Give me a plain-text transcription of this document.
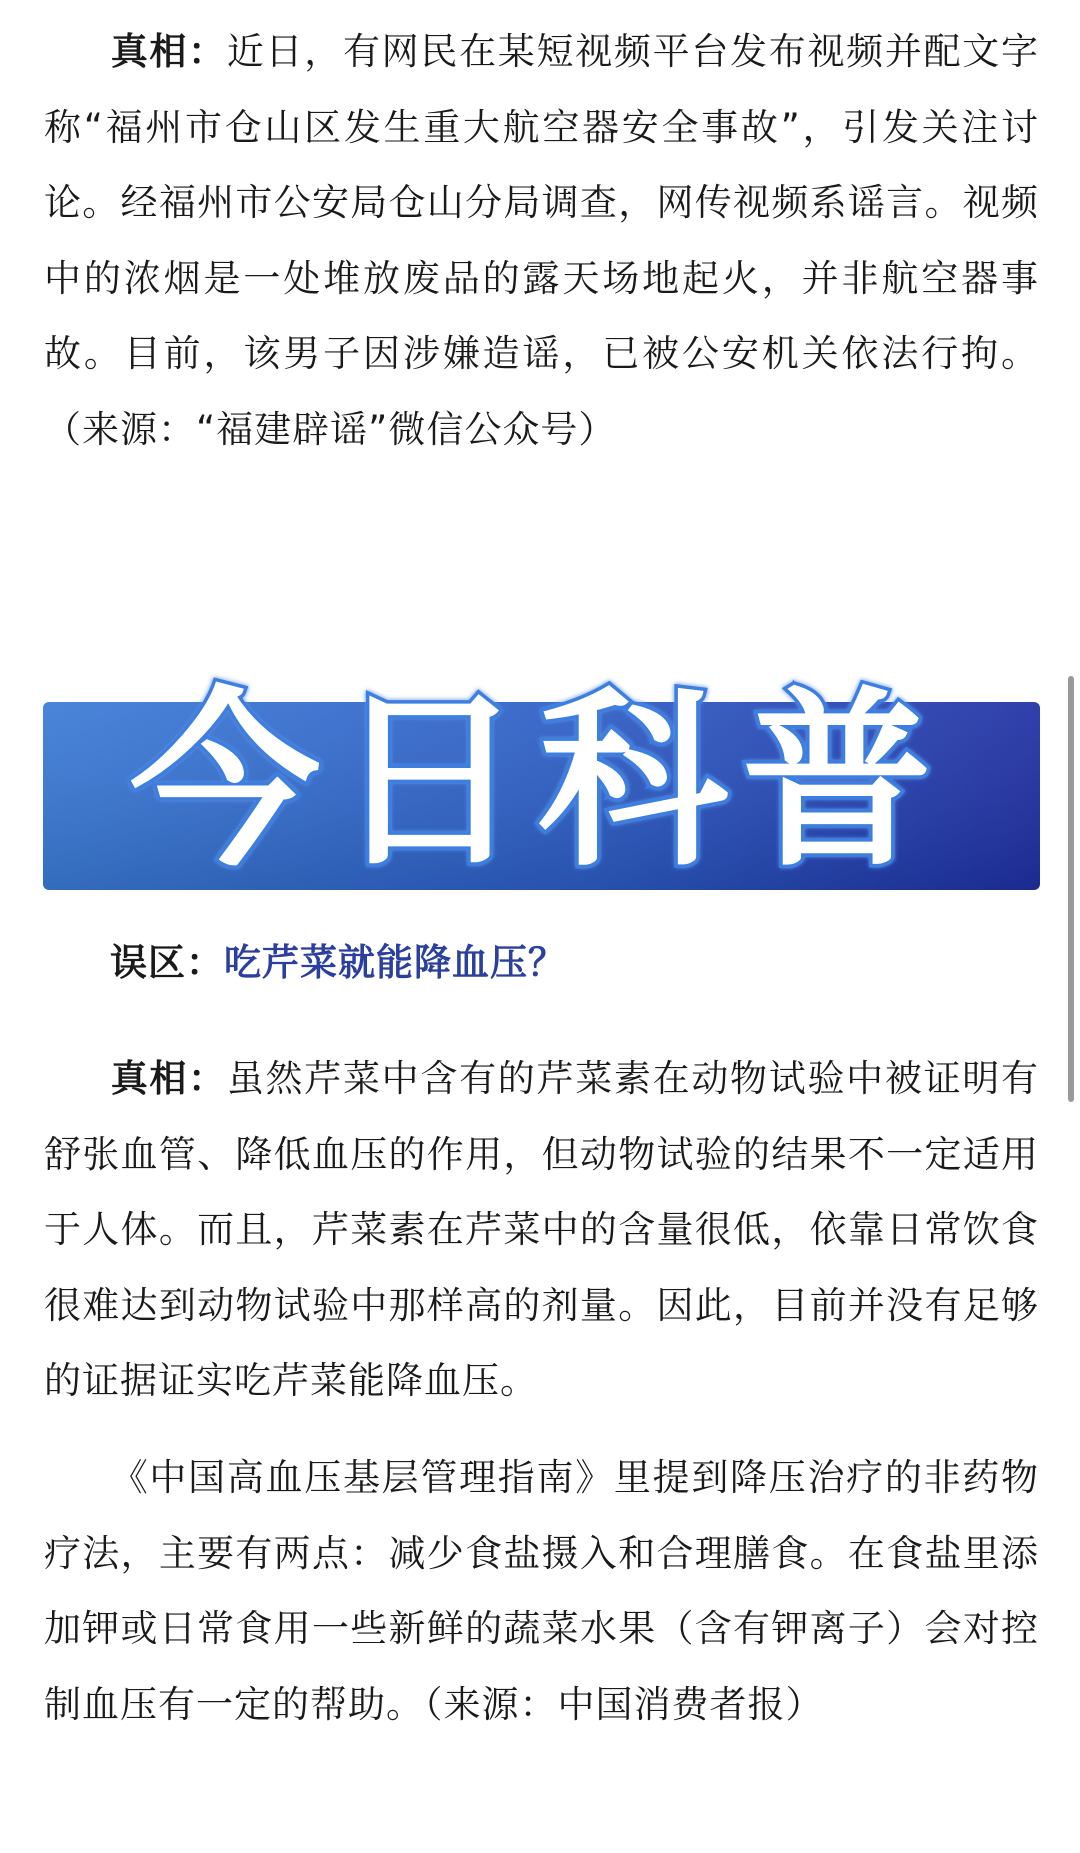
真相：近日，有网民在某短视频平台发布视频并配文字称“福州市仓山区发生重大航空器安全事故”，引发关注讨论。经福州市公安局仓山分局调查，网传视频系谣言。视频中的浓烟是一处堆放废品的露天场地起火，并非航空器事故。目前，该男子因涉嫌造谣，已被公安机关依法行拘。（来源：“福建辟谣”微信公众号）

今日科普

误区：吃芹菜就能降血压？

真相：虽然芹菜中含有的芹菜素在动物试验中被证明有舒张血管、降低血压的作用，但动物试验的结果不一定适用于人体。而且，芹菜素在芹菜中的含量很低，依靠日常饮食很难达到动物试验中那样高的剂量。因此，目前并没有足够的证据证实吃芹菜能降血压。

《中国高血压基层管理指南》里提到降压治疗的非药物疗法，主要有两点：减少食盐摄入和合理膳食。在食盐里添加钾或日常食用一些新鲜的蔬菜水果（含有钾离子）会对控制血压有一定的帮助。（来源：中国消费者报）
